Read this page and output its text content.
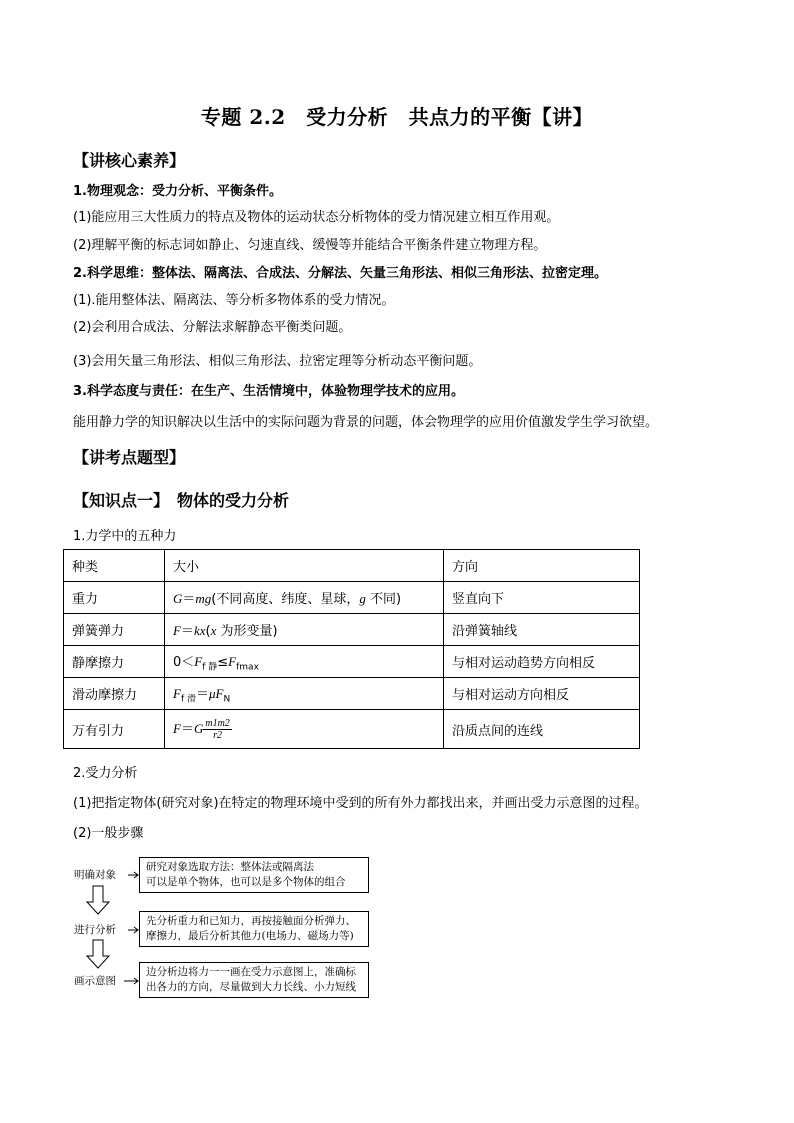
专题 2.2　受力分析　共点力的平衡【讲】
【讲核心素养】
1.物理观念：受力分析、平衡条件。
(1)能应用三大性质力的特点及物体的运动状态分析物体的受力情况建立相互作用观。
(2)理解平衡的标志词如静止、匀速直线、缓慢等并能结合平衡条件建立物理方程。
2.科学思维：整体法、隔离法、合成法、分解法、矢量三角形法、相似三角形法、拉密定理。
(1).能用整体法、隔离法、等分析多物体系的受力情况。
(2)会利用合成法、分解法求解静态平衡类问题。
(3)会用矢量三角形法、相似三角形法、拉密定理等分析动态平衡问题。
3.科学态度与责任：在生产、生活情境中，体验物理学技术的应用。
能用静力学的知识解决以生活中的实际问题为背景的问题，体会物理学的应用价值激发学生学习欲望。
【讲考点题型】
【知识点一】　物体的受力分析
1.力学中的五种力
种类	大小	方向
重力	G＝mg(不同高度、纬度、星球，g 不同)	竖直向下
弹簧弹力	F＝kx(x 为形变量)	沿弹簧轴线
静摩擦力	$0<F_{f 静}\le F_{fmax}$	与相对运动趋势方向相反
滑动摩擦力	$F_{f 滑}=\mu F_N$	与相对运动方向相反
万有引力	$F=G \frac{m1m2}{r2}$	沿质点间的连线
2.受力分析
(1)把指定物体(研究对象)在特定的物理环境中受到的所有外力都找出来，并画出受力示意图的过程。
(2)一般步骤
明确对象
进行分析
画示意图
研究对象选取方法：整体法或隔离法
可以是单个物体，也可以是多个物体的组合
先分析重力和已知力，再按接触面分析弹力、
摩擦力，最后分析其他力(电场力、磁场力等)
边分析边将力一一画在受力示意图上，准确标
出各力的方向，尽量做到大力长线、小力短线
